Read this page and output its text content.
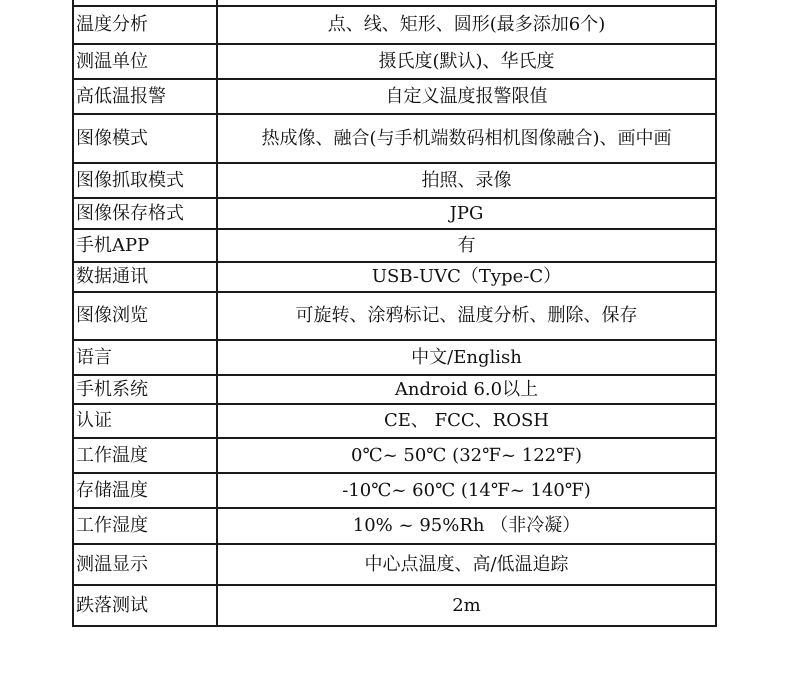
温度分析	点、线、矩形、圆形(最多添加6个)
测温单位	摄氏度(默认)、华氏度
高低温报警	自定义温度报警限值
图像模式	热成像、融合(与手机端数码相机图像融合)、画中画
图像抓取模式	拍照、录像
图像保存格式	JPG
手机APP	有
数据通讯	USB-UVC（Type-C）
图像浏览	可旋转、涂鸦标记、温度分析、删除、保存
语言	中文/English
手机系统	Android 6.0以上
认证	CE、 FCC、ROSH
工作温度	0℃~ 50℃ (32℉~ 122℉)
存储温度	-10℃~ 60℃ (14℉~ 140℉)
工作湿度	10% ~ 95%Rh （非冷凝）
测温显示	中心点温度、高/低温追踪
跌落测试	2m
